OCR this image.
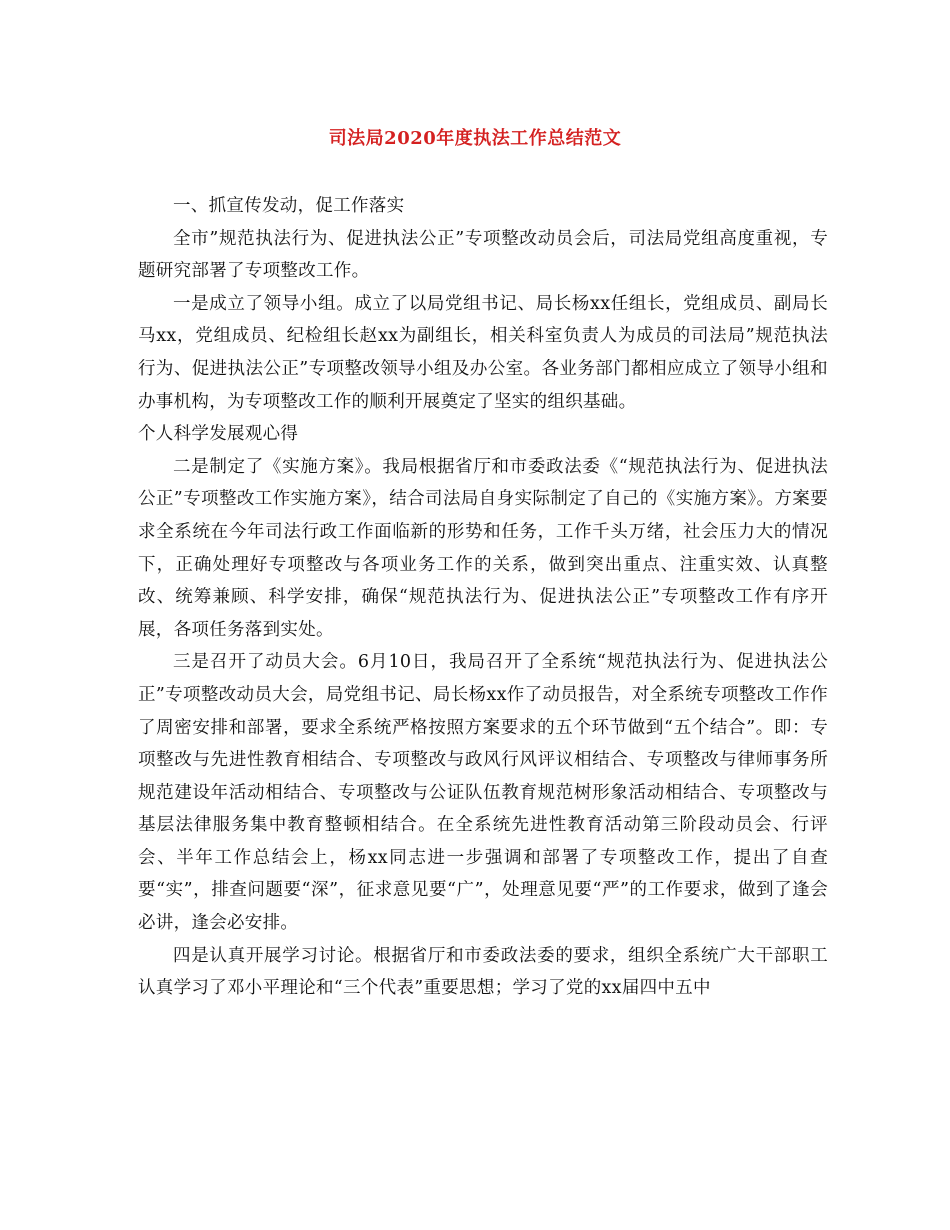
司法局2020年度执法工作总结范文

一、抓宣传发动，促工作落实

全市”规范执法行为、促进执法公正”专项整改动员会后，司法局党组高度重视，专题研究部署了专项整改工作。

一是成立了领导小组。成立了以局党组书记、局长杨xx任组长，党组成员、副局长马xx，党组成员、纪检组长赵xx为副组长，相关科室负责人为成员的司法局”规范执法行为、促进执法公正”专项整改领导小组及办公室。各业务部门都相应成立了领导小组和办事机构，为专项整改工作的顺利开展奠定了坚实的组织基础。

个人科学发展观心得

二是制定了《实施方案》。我局根据省厅和市委政法委《“规范执法行为、促进执法公正”专项整改工作实施方案》，结合司法局自身实际制定了自己的《实施方案》。方案要求全系统在今年司法行政工作面临新的形势和任务，工作千头万绪，社会压力大的情况下，正确处理好专项整改与各项业务工作的关系，做到突出重点、注重实效、认真整改、统筹兼顾、科学安排，确保“规范执法行为、促进执法公正”专项整改工作有序开展，各项任务落到实处。

三是召开了动员大会。6月10日，我局召开了全系统“规范执法行为、促进执法公正”专项整改动员大会，局党组书记、局长杨xx作了动员报告，对全系统专项整改工作作了周密安排和部署，要求全系统严格按照方案要求的五个环节做到“五个结合”。即：专项整改与先进性教育相结合、专项整改与政风行风评议相结合、专项整改与律师事务所规范建设年活动相结合、专项整改与公证队伍教育规范树形象活动相结合、专项整改与基层法律服务集中教育整顿相结合。在全系统先进性教育活动第三阶段动员会、行评会、半年工作总结会上，杨xx同志进一步强调和部署了专项整改工作，提出了自查要“实”，排查问题要“深”，征求意见要“广”，处理意见要“严”的工作要求，做到了逢会必讲，逢会必安排。

四是认真开展学习讨论。根据省厅和市委政法委的要求，组织全系统广大干部职工认真学习了邓小平理论和“三个代表”重要思想；学习了党的xx届四中五中
